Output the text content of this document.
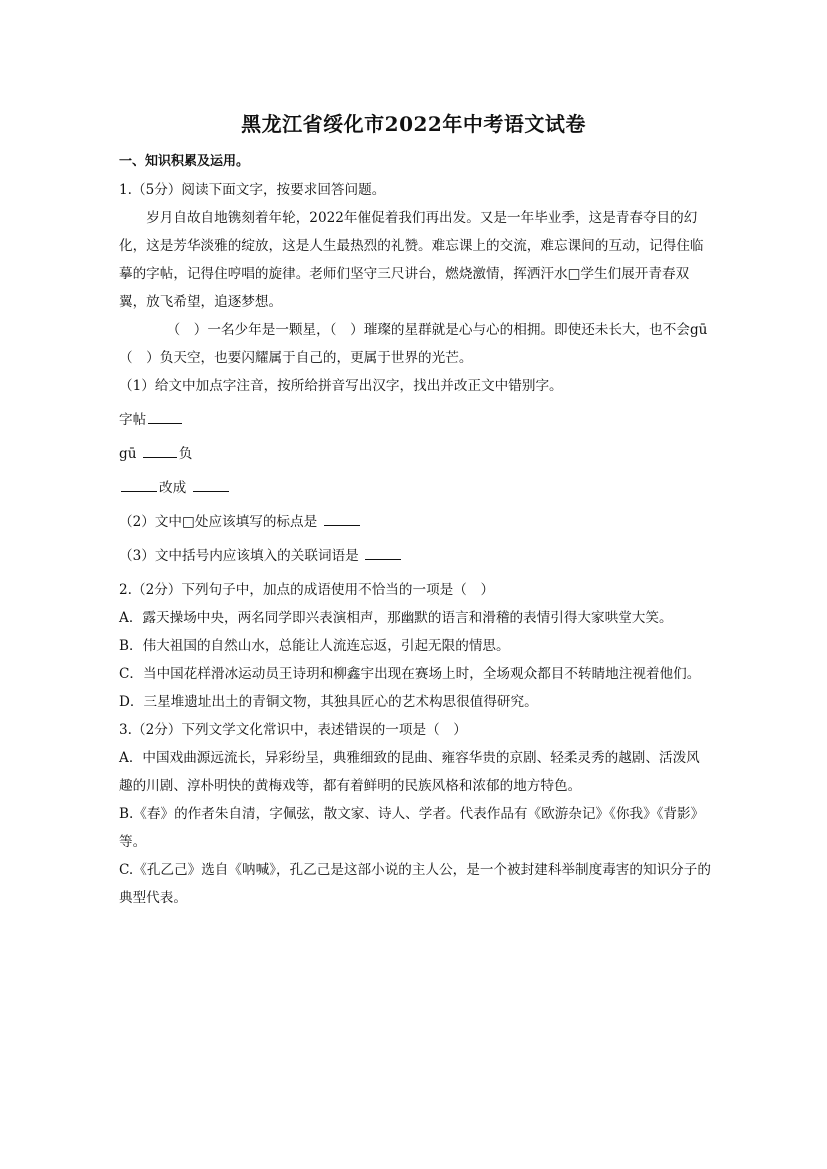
黑龙江省绥化市2022年中考语文试卷

一、知识积累及运用。

1.（5分）阅读下面文字，按要求回答问题。

岁月自故自地镌刻着年轮，2022年催促着我们再出发。又是一年毕业季，这是青春夺目的幻化，这是芳华淡雅的绽放，这是人生最热烈的礼赞。难忘课上的交流，难忘课间的互动，记得住临摹的字帖，记得住哼唱的旋律。老师们坚守三尺讲台，燃烧激情，挥洒汗水□学生们展开青春双翼，放飞希望，追逐梦想。

（　）一名少年是一颗星，（　）璀璨的星群就是心与心的相拥。即使还未长大，也不会gū（　）负天空，也要闪耀属于自己的，更属于世界的光芒。

（1）给文中加点字注音，按所给拼音写出汉字，找出并改正文中错别字。

字帖

gū	负

改成

（2）文中□处应该填写的标点是

（3）文中括号内应该填入的关联词语是

2.（2分）下列句子中，加点的成语使用不恰当的一项是（　）

A．露天操场中央，两名同学即兴表演相声，那幽默的语言和滑稽的表情引得大家哄堂大笑。

B．伟大祖国的自然山水，总能让人流连忘返，引起无限的情思。

C．当中国花样滑冰运动员王诗玥和柳鑫宇出现在赛场上时，全场观众都目不转睛地注视着他们。

D．三星堆遗址出土的青铜文物，其独具匠心的艺术构思很值得研究。

3.（2分）下列文学文化常识中，表述错误的一项是（　）

A．中国戏曲源远流长，异彩纷呈，典雅细致的昆曲、雍容华贵的京剧、轻柔灵秀的越剧、活泼风趣的川剧、淳朴明快的黄梅戏等，都有着鲜明的民族风格和浓郁的地方特色。

B.《春》的作者朱自清，字佩弦，散文家、诗人、学者。代表作品有《欧游杂记》《你我》《背影》等。

C.《孔乙己》选自《呐喊》，孔乙己是这部小说的主人公，是一个被封建科举制度毒害的知识分子的典型代表。
